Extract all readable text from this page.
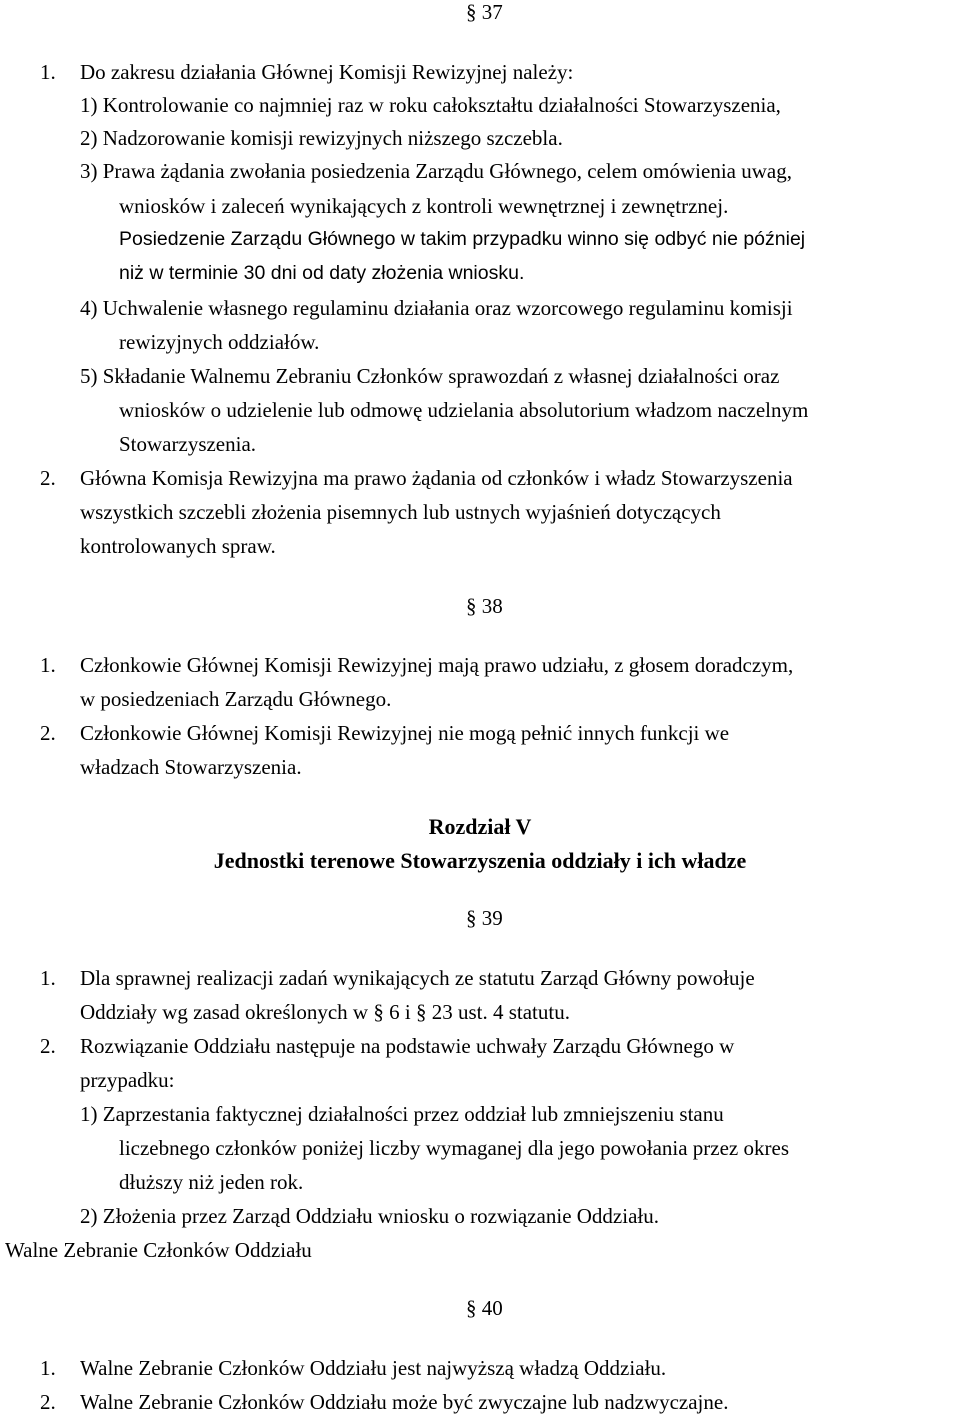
§ 37
1. Do zakresu działania Głównej Komisji Rewizyjnej należy:
1) Kontrolowanie co najmniej raz w roku całokształtu działalności Stowarzyszenia,
2) Nadzorowanie komisji rewizyjnych niższego szczebla.
3) Prawa żądania zwołania posiedzenia Zarządu Głównego, celem omówienia uwag,
wniosków i zaleceń wynikających z kontroli wewnętrznej i zewnętrznej.
Posiedzenie Zarządu Głównego w takim przypadku winno się odbyć nie później
niż w terminie 30 dni od daty złożenia wniosku.
4) Uchwalenie własnego regulaminu działania oraz wzorcowego regulaminu komisji
rewizyjnych oddziałów.
5) Składanie Walnemu Zebraniu Członków sprawozdań z własnej działalności oraz
wniosków o udzielenie lub odmowę udzielania absolutorium władzom naczelnym
Stowarzyszenia.
2. Główna Komisja Rewizyjna ma prawo żądania od członków i władz Stowarzyszenia
wszystkich szczebli złożenia pisemnych lub ustnych wyjaśnień dotyczących
kontrolowanych spraw.
§ 38
1. Członkowie Głównej Komisji Rewizyjnej mają prawo udziału, z głosem doradczym,
w posiedzeniach Zarządu Głównego.
2. Członkowie Głównej Komisji Rewizyjnej nie mogą pełnić innych funkcji we
władzach Stowarzyszenia.
Rozdział V
Jednostki terenowe Stowarzyszenia oddziały i ich władze
§ 39
1. Dla sprawnej realizacji zadań wynikających ze statutu Zarząd Główny powołuje
Oddziały wg zasad określonych w § 6 i § 23 ust. 4 statutu.
2. Rozwiązanie Oddziału następuje na podstawie uchwały Zarządu Głównego w
przypadku:
1) Zaprzestania faktycznej działalności przez oddział lub zmniejszeniu stanu
liczebnego członków poniżej liczby wymaganej dla jego powołania przez okres
dłuższy niż jeden rok.
2) Złożenia przez Zarząd Oddziału wniosku o rozwiązanie Oddziału.
Walne Zebranie Członków Oddziału
§ 40
1. Walne Zebranie Członków Oddziału jest najwyższą władzą Oddziału.
2. Walne Zebranie Członków Oddziału może być zwyczajne lub nadzwyczajne.
